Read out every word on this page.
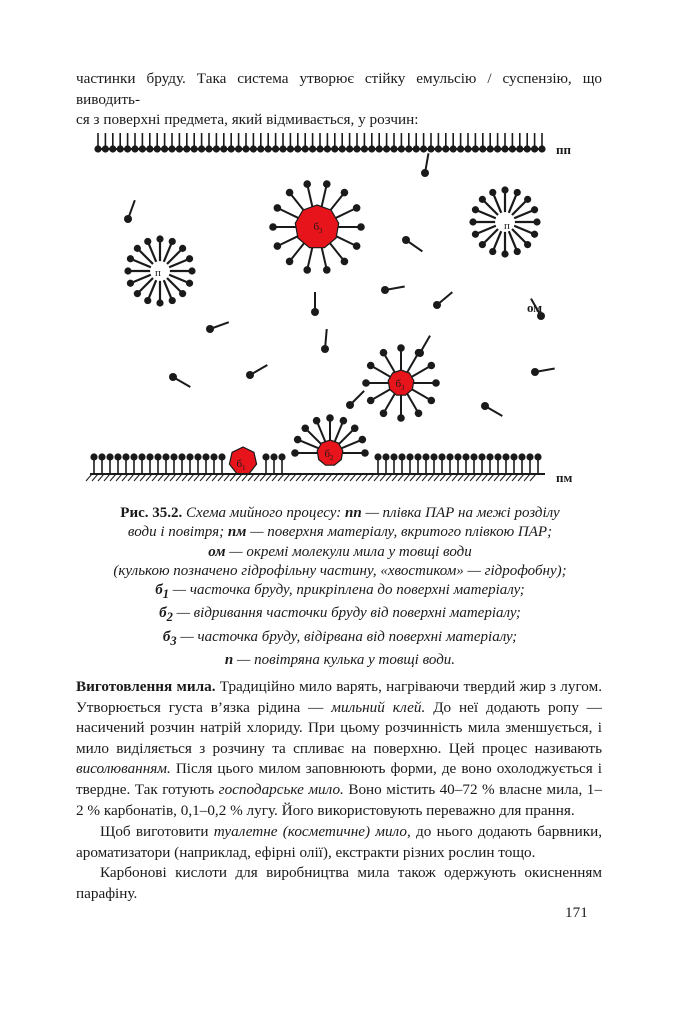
частинки бруду. Така система утворює стійку емульсію / суспензію, що виводить-
ся з поверхні предмета, який відмивається, у розчин:

пп
ом
пм
п
п
$б_1$
$б_2$
$б_3$
$б_3$

Рис. 35.2. Схема мийного процесу: пп — плівка ПАР на межі розділу
води і повітря; пм — поверхня матеріалу, вкритого плівкою ПАР;
ом — окремі молекули мила у товщі води
(кулькою позначено гідрофільну частину, «хвостиком» — гідрофобну);
$б_1$ — часточка бруду, прикріплена до поверхні матеріалу;
$б_2$ — відривання часточки бруду від поверхні матеріалу;
$б_3$ — часточка бруду, відірвана від поверхні матеріалу;
п — повітряна кулька у товщі води.

Виготовлення мила. Традиційно мило варять, нагріваючи твердий жир з лугом. Утворюється густа в’язка рідина — мильний клей. До неї додають ропу — насичений розчин натрій хлориду. При цьому розчинність мила зменшується, і мило виділяється з розчину та спливає на поверхню. Цей процес називають висолюванням. Після цього милом заповнюють форми, де воно охолоджується і твердне. Так готують господарське мило. Воно містить 40–72 % власне мила, 1–2 % карбонатів, 0,1–0,2 % лугу. Його використовують переважно для прання.

Щоб виготовити туалетне (косметичне) мило, до нього додають барвники, ароматизатори (наприклад, ефірні олії), екстракти різних рослин тощо.

Карбонові кислоти для виробництва мила також одержують окисненням парафіну.

171
